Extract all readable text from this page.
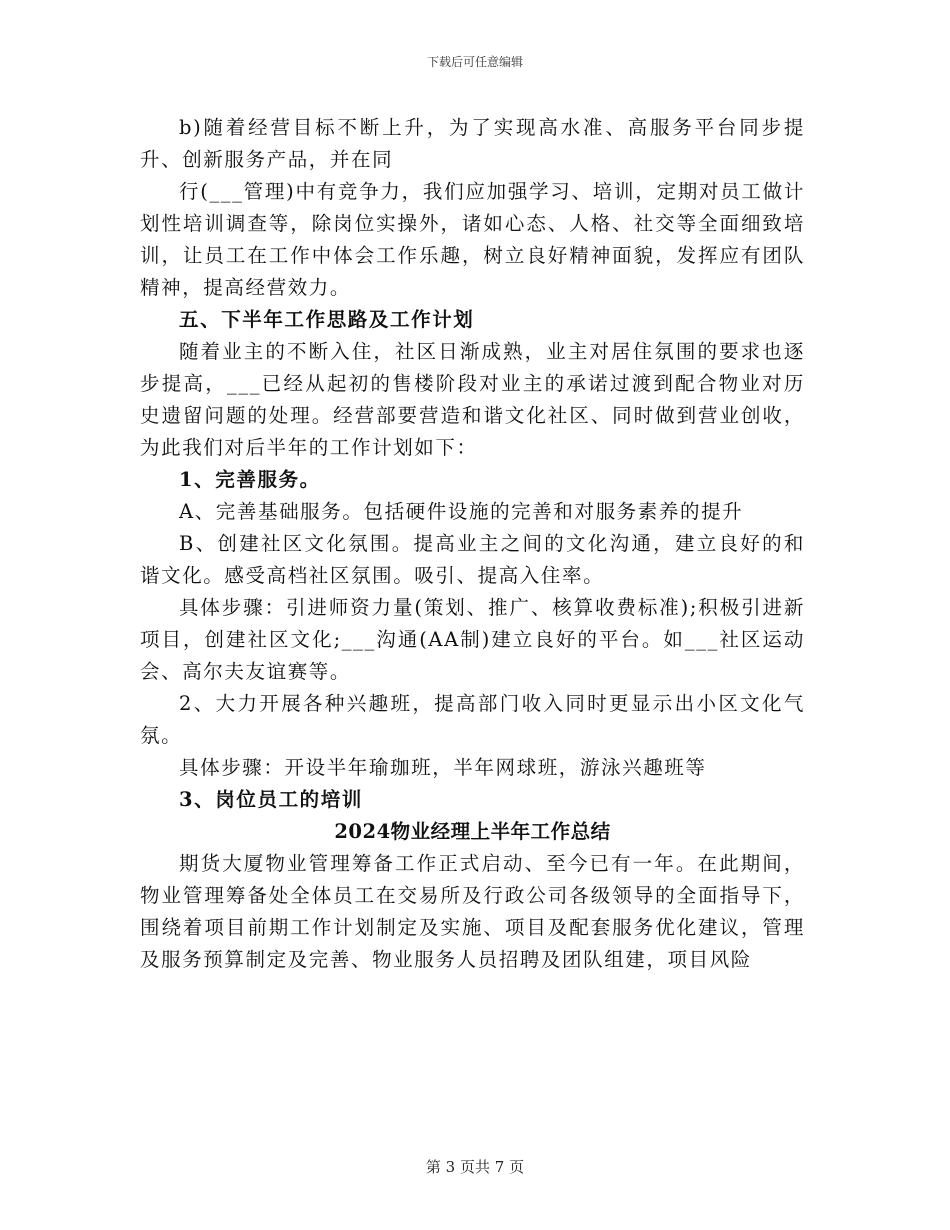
下载后可任意编辑

b)随着经营目标不断上升，为了实现高水准、高服务平台同步提升、创新服务产品，并在同

行(___管理)中有竞争力，我们应加强学习、培训，定期对员工做计划性培训调查等，除岗位实操外，诸如心态、人格、社交等全面细致培训，让员工在工作中体会工作乐趣，树立良好精神面貌，发挥应有团队精神，提高经营效力。

五、下半年工作思路及工作计划

随着业主的不断入住，社区日渐成熟，业主对居住氛围的要求也逐步提高，___已经从起初的售楼阶段对业主的承诺过渡到配合物业对历史遗留问题的处理。经营部要营造和谐文化社区、同时做到营业创收，为此我们对后半年的工作计划如下：

1、完善服务。

A、完善基础服务。包括硬件设施的完善和对服务素养的提升

B、创建社区文化氛围。提高业主之间的文化沟通，建立良好的和谐文化。感受高档社区氛围。吸引、提高入住率。

具体步骤：引进师资力量(策划、推广、核算收费标准);积极引进新项目，创建社区文化;___沟通(AA制)建立良好的平台。如___社区运动会、高尔夫友谊赛等。

2、大力开展各种兴趣班，提高部门收入同时更显示出小区文化气氛。

具体步骤：开设半年瑜珈班，半年网球班，游泳兴趣班等

3、岗位员工的培训

2024物业经理上半年工作总结

期货大厦物业管理筹备工作正式启动、至今已有一年。在此期间，物业管理筹备处全体员工在交易所及行政公司各级领导的全面指导下，围绕着项目前期工作计划制定及实施、项目及配套服务优化建议，管理及服务预算制定及完善、物业服务人员招聘及团队组建，项目风险

第 3 页共 7 页
